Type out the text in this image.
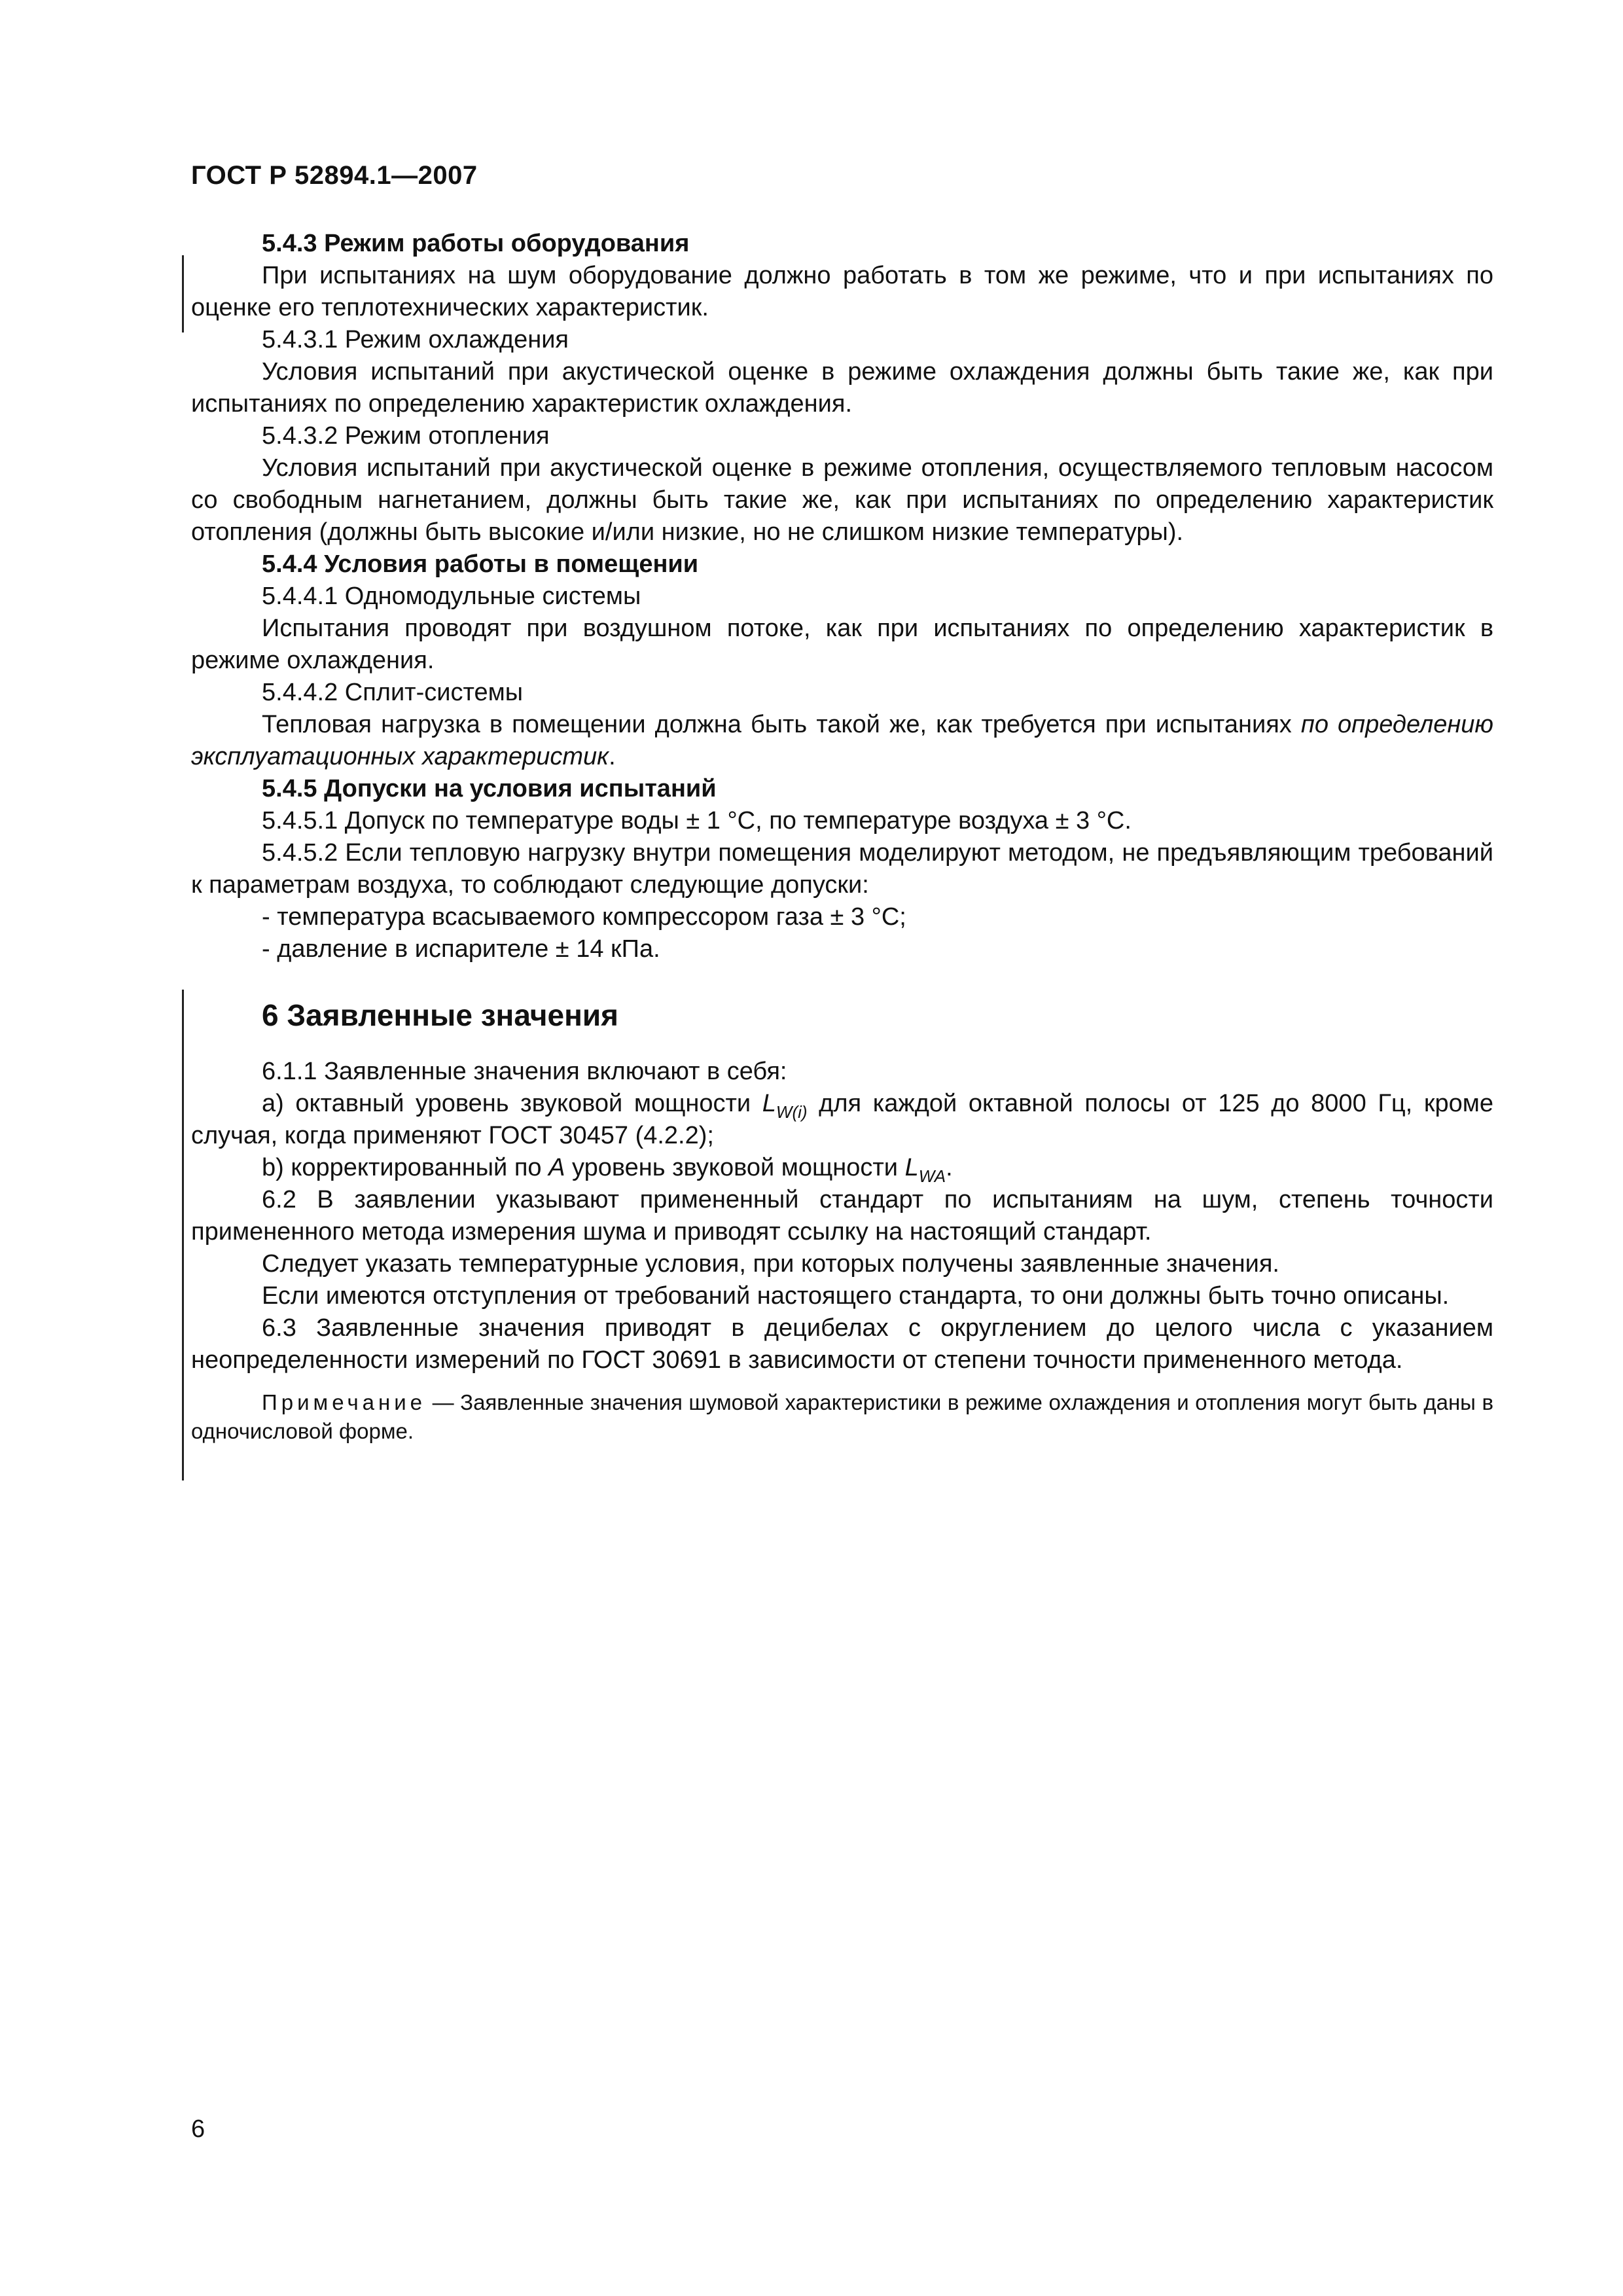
ГОСТ Р 52894.1—2007

5.4.3 Режим работы оборудования

При испытаниях на шум оборудование должно работать в том же режиме, что и при испытаниях по оценке его теплотехнических характеристик.

5.4.3.1 Режим охлаждения

Условия испытаний при акустической оценке в режиме охлаждения должны быть такие же, как при испытаниях по определению характеристик охлаждения.

5.4.3.2 Режим отопления

Условия испытаний при акустической оценке в режиме отопления, осуществляемого тепловым насосом со свободным нагнетанием, должны быть такие же, как при испытаниях по определению характеристик отопления (должны быть высокие и/или низкие, но не слишком низкие температуры).

5.4.4 Условия работы в помещении

5.4.4.1 Одномодульные системы

Испытания проводят при воздушном потоке, как при испытаниях по определению характеристик в режиме охлаждения.

5.4.4.2 Сплит-системы

Тепловая нагрузка в помещении должна быть такой же, как требуется при испытаниях по определению эксплуатационных характеристик.

5.4.5 Допуски на условия испытаний

5.4.5.1 Допуск по температуре воды ± 1 °С, по температуре воздуха ± 3 °С.

5.4.5.2 Если тепловую нагрузку внутри помещения моделируют методом, не предъявляющим требований к параметрам воздуха, то соблюдают следующие допуски:

- температура всасываемого компрессором газа ± 3 °С;

- давление в испарителе ± 14 кПа.

6 Заявленные значения

6.1.1 Заявленные значения включают в себя:

а) октавный уровень звуковой мощности $L_{W(i)}$ для каждой октавной полосы от 125 до 8000 Гц, кроме случая, когда применяют ГОСТ 30457 (4.2.2);

b) корректированный по А уровень звуковой мощности $L_{WA}$.

6.2 В заявлении указывают примененный стандарт по испытаниям на шум, степень точности примененного метода измерения шума и приводят ссылку на настоящий стандарт.

Следует указать температурные условия, при которых получены заявленные значения.

Если имеются отступления от требований настоящего стандарта, то они должны быть точно описаны.

6.3 Заявленные значения приводят в децибелах с округлением до целого числа с указанием неопределенности измерений по ГОСТ 30691 в зависимости от степени точности примененного метода.

Примечание — Заявленные значения шумовой характеристики в режиме охлаждения и отопления могут быть даны в одночисловой форме.

6
